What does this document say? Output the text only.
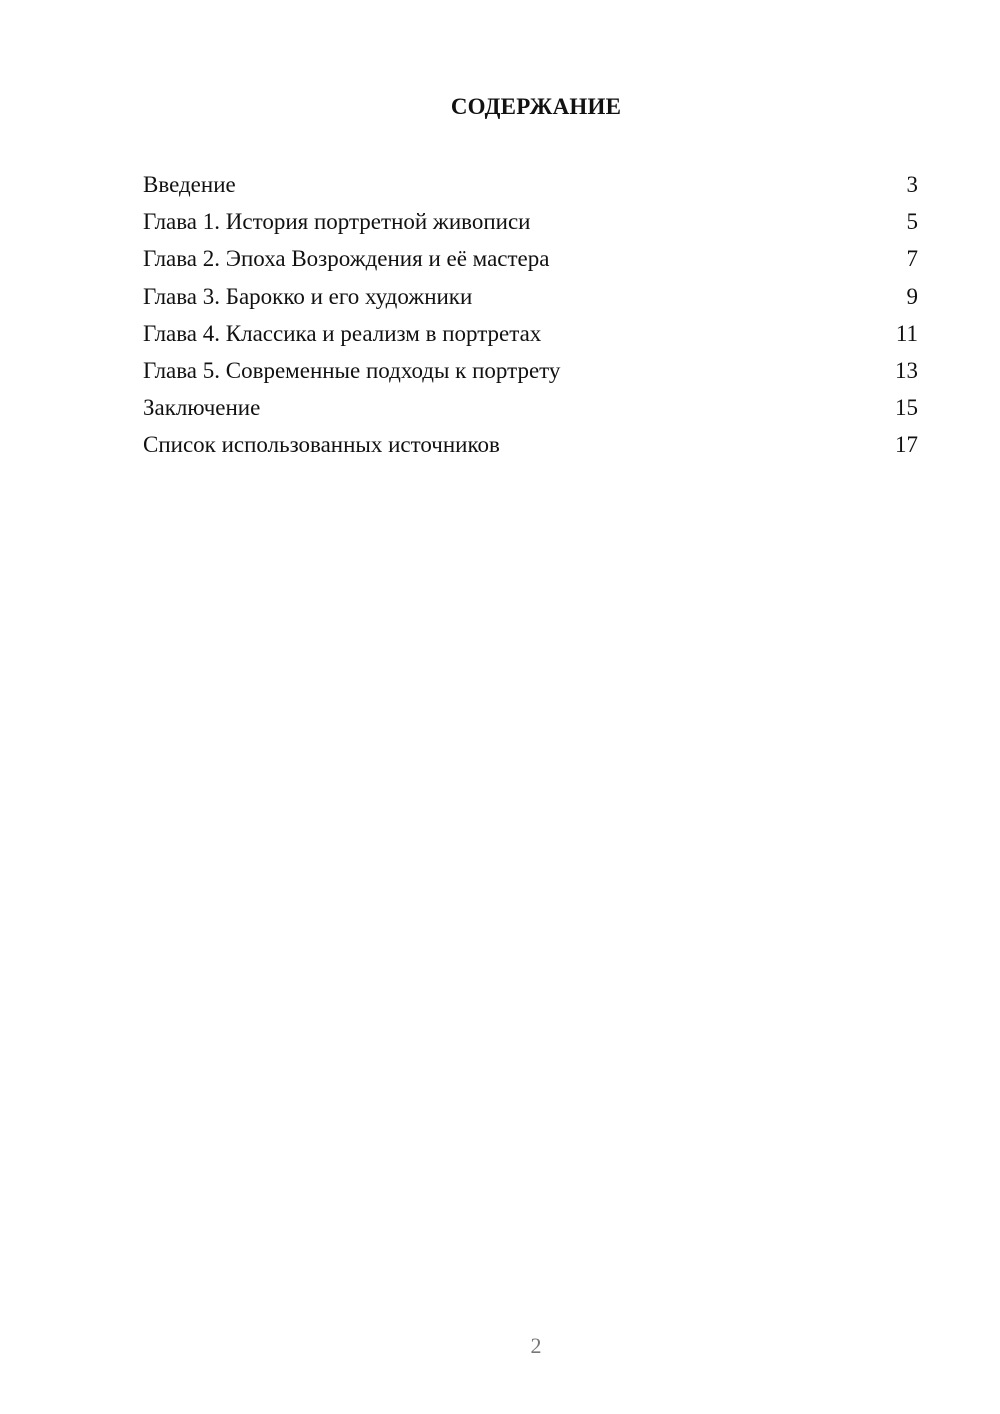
СОДЕРЖАНИЕ
Введение	3
Глава 1. История портретной живописи	5
Глава 2. Эпоха Возрождения и её мастера	7
Глава 3. Барокко и его художники	9
Глава 4. Классика и реализм в портретах	11
Глава 5. Современные подходы к портрету	13
Заключение	15
Список использованных источников	17
2
